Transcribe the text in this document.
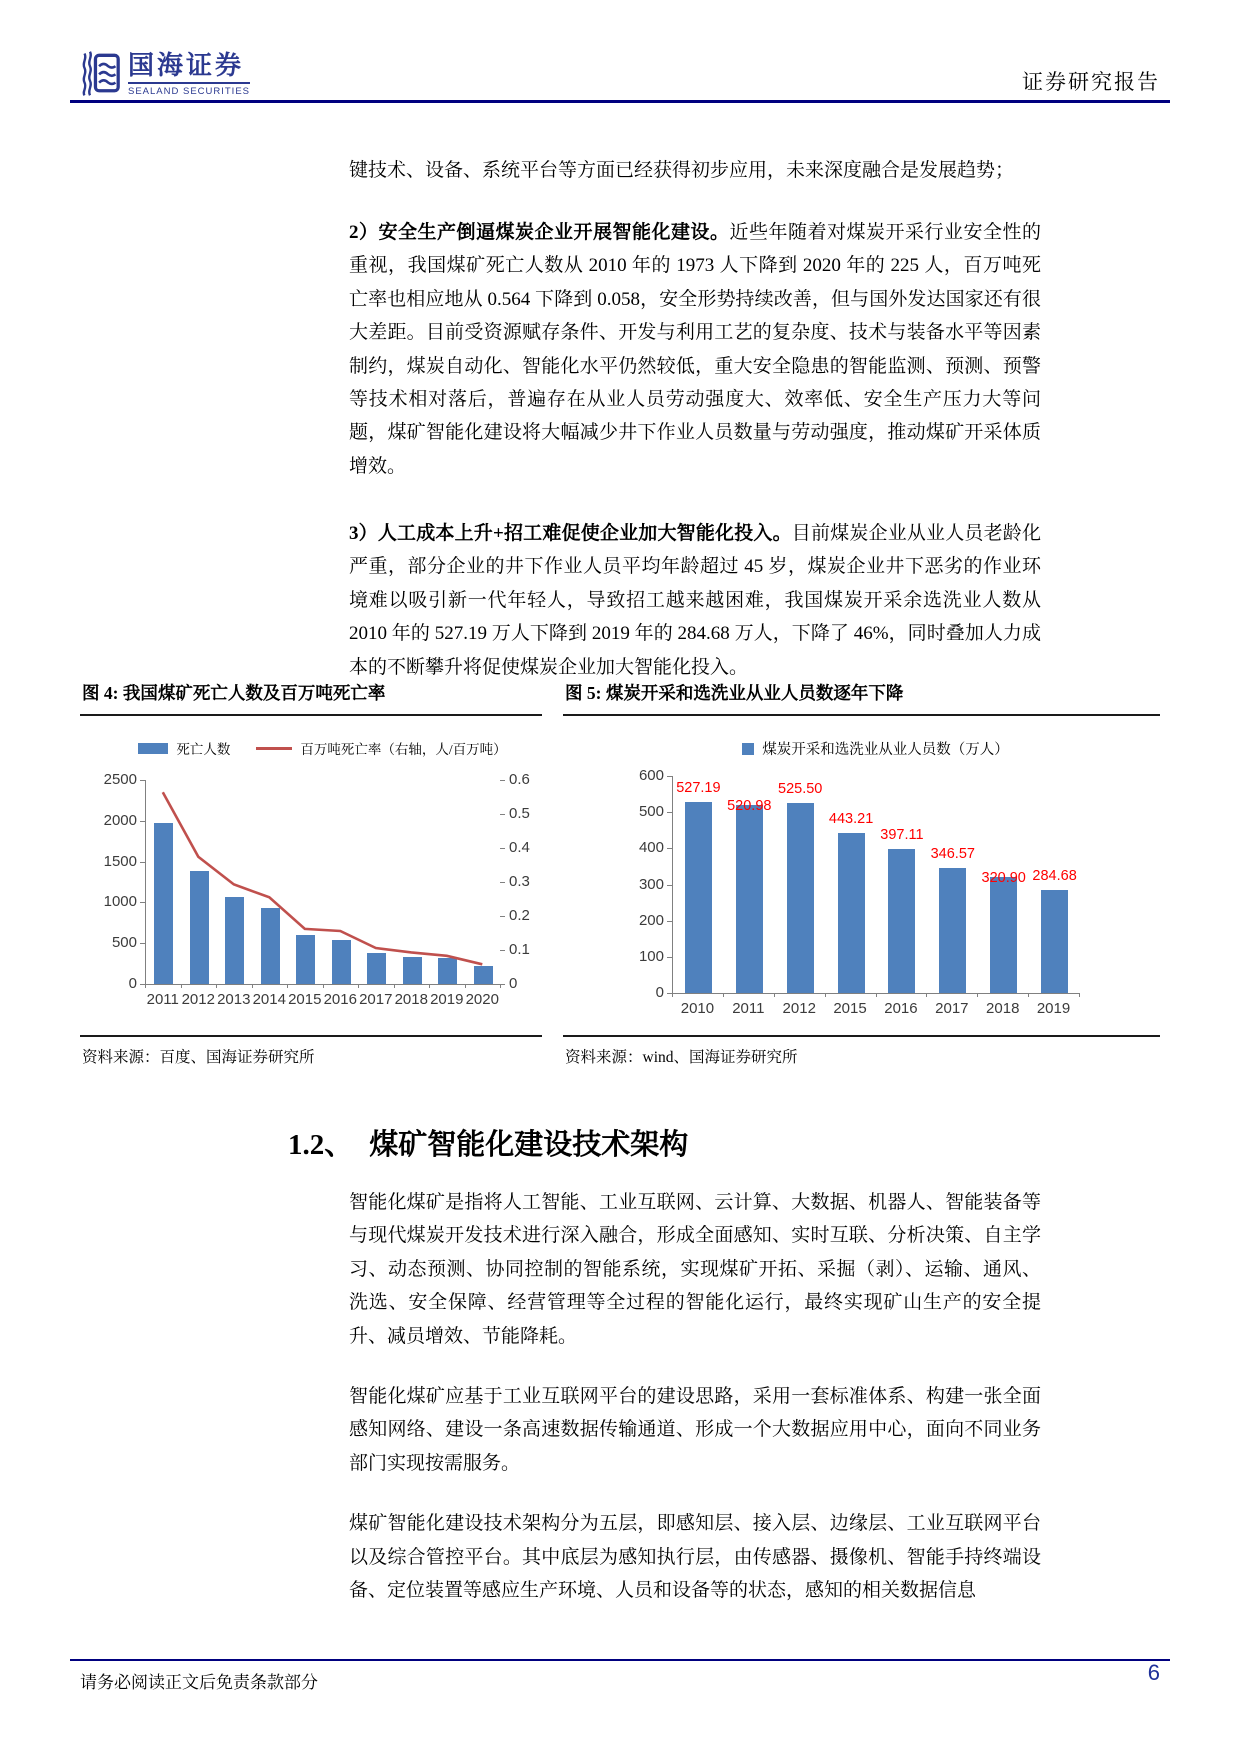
国海证券
SEALAND SECURITIES	证券研究报告

键技术、设备、系统平台等方面已经获得初步应用，未来深度融合是发展趋势；

2）安全生产倒逼煤炭企业开展智能化建设。近些年随着对煤炭开采行业安全性的重视，我国煤矿死亡人数从 2010 年的 1973 人下降到 2020 年的 225 人，百万吨死亡率也相应地从 0.564 下降到 0.058，安全形势持续改善，但与国外发达国家还有很大差距。目前受资源赋存条件、开发与利用工艺的复杂度、技术与装备水平等因素制约，煤炭自动化、智能化水平仍然较低，重大安全隐患的智能监测、预测、预警等技术相对落后，普遍存在从业人员劳动强度大、效率低、安全生产压力大等问题，煤矿智能化建设将大幅减少井下作业人员数量与劳动强度，推动煤矿开采体质增效。

3）人工成本上升+招工难促使企业加大智能化投入。目前煤炭企业从业人员老龄化严重，部分企业的井下作业人员平均年龄超过 45 岁，煤炭企业井下恶劣的作业环境难以吸引新一代年轻人，导致招工越来越困难，我国煤炭开采余选洗业人数从 2010 年的 527.19 万人下降到 2019 年的 284.68 万人，下降了 46%，同时叠加人力成本的不断攀升将促使煤炭企业加大智能化投入。

图 4: 我国煤矿死亡人数及百万吨死亡率
死亡人数	百万吨死亡率（右轴，人/百万吨）
0
500
1000
1500
2000
2500
0
0.1
0.2
0.3
0.4
0.5
0.6
2011 2012 2013 2014 2015 2016 2017 2018 2019 2020
资料来源：百度、国海证券研究所
图 5: 煤炭开采和选洗业从业人员数逐年下降
煤炭开采和选洗业从业人员数（万人）
527.19
520.98
525.50
443.21
397.11
346.57
320.90 284.68
0
100
200
300
400
500
600
2010	2011	2012	2015	2016	2017	2018	2019
资料来源：wind、国海证券研究所
1.2、 煤矿智能化建设技术架构

智能化煤矿是指将人工智能、工业互联网、云计算、大数据、机器人、智能装备等与现代煤炭开发技术进行深入融合，形成全面感知、实时互联、分析决策、自主学习、动态预测、协同控制的智能系统，实现煤矿开拓、采掘（剥）、运输、通风、洗选、安全保障、经营管理等全过程的智能化运行，最终实现矿山生产的安全提升、减员增效、节能降耗。

智能化煤矿应基于工业互联网平台的建设思路，采用一套标准体系、构建一张全面感知网络、建设一条高速数据传输通道、形成一个大数据应用中心，面向不同业务部门实现按需服务。

煤矿智能化建设技术架构分为五层，即感知层、接入层、边缘层、工业互联网平台以及综合管控平台。其中底层为感知执行层，由传感器、摄像机、智能手持终端设备、定位装置等感应生产环境、人员和设备等的状态，感知的相关数据信息

请务必阅读正文后免责条款部分	6
